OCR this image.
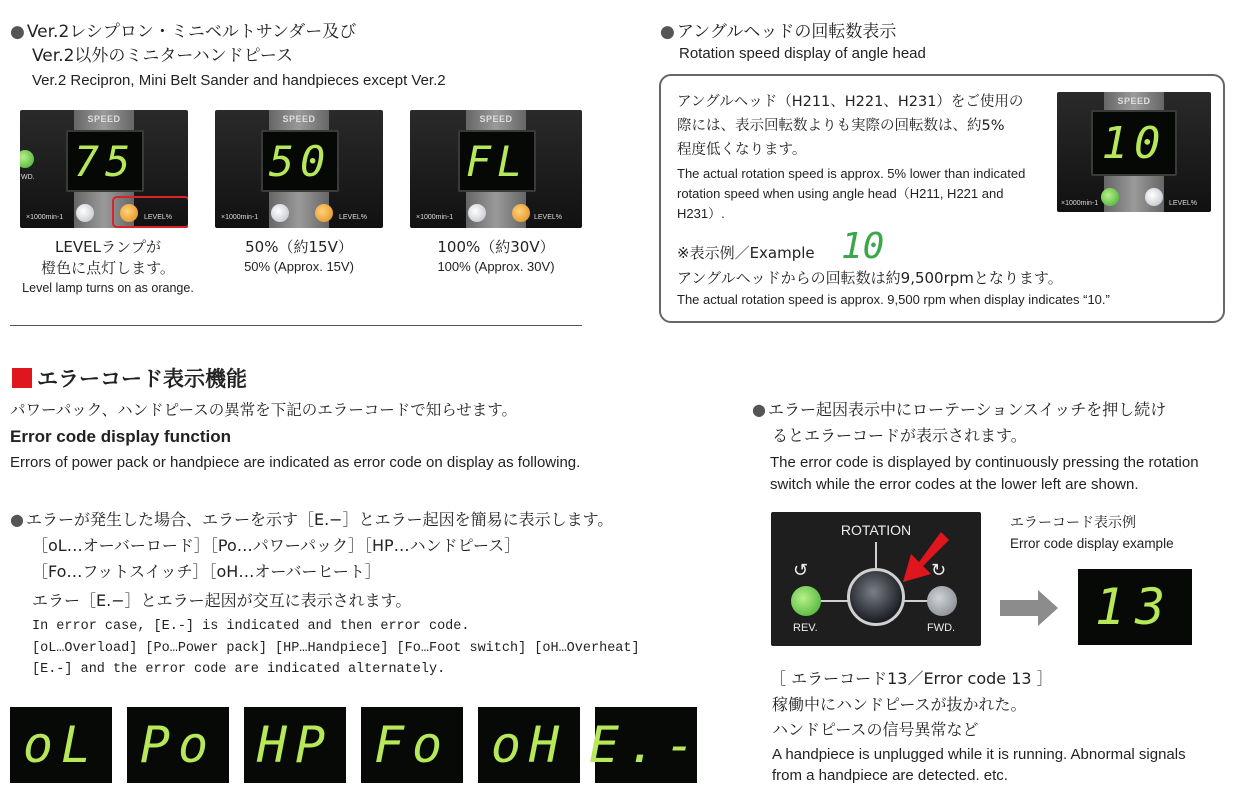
● Ver.2レシプロン・ミニベルトサンダー及び
Ver.2以外のミニターハンドピース
Ver.2 Recipron, Mini Belt Sander and handpieces except Ver.2
SPEED
75
WD.
×1000min-1	LEVEL%
SPEED
50
×1000min-1	LEVEL%
SPEED
FL
×1000min-1	LEVEL%
LEVELランプが
橙色に点灯します。
Level lamp turns on as orange.
50%（約15V）
50% (Approx. 15V)
100%（約30V）
100% (Approx. 30V)
● アングルヘッドの回転数表示
Rotation speed display of angle head
アングルヘッド（H211、H221、H231）をご使用の
際には、表示回転数よりも実際の回転数は、約5%
程度低くなります。
The actual rotation speed is approx. 5% lower than indicated
rotation speed when using angle head（H211, H221 and
H231）.
※表示例／Example 10
アングルヘッドからの回転数は約9,500rpmとなります。
The actual rotation speed is approx. 9,500 rpm when display indicates “10.”
SPEED
10
×1000min-1	LEVEL%
エラーコード表示機能
パワーパック、ハンドピースの異常を下記のエラーコードで知らせます。
Error code display function
Errors of power pack or handpiece are indicated as error code on display as following.
● エラーが発生した場合、エラーを示す［E.−］とエラー起因を簡易に表示します。
［oL…オーバーロード］［Po…パワーパック］［HP…ハンドピース］
［Fo…フットスイッチ］［oH…オーバーヒート］
エラー［E.−］とエラー起因が交互に表示されます。
In error case, [E.-] is indicated and then error code.
[oL…Overload] [Po…Power pack] [HP…Handpiece] [Fo…Foot switch] [oH…Overheat]
[E.-] and the error code are indicated alternately.
oL Po HP Fo oH E.-
● エラー起因表示中にローテーションスイッチを押し続け
るとエラーコードが表示されます。
The error code is displayed by continuously pressing the rotation
switch while the error codes at the lower left are shown.
ROTATION
↺	↻
REV.	FWD.
エラーコード表示例
Error code display example
13
［ エラーコード13／Error code 13 ］
稼働中にハンドピースが抜かれた。
ハンドピースの信号異常など
A handpiece is unplugged while it is running. Abnormal signals
from a handpiece are detected. etc.
